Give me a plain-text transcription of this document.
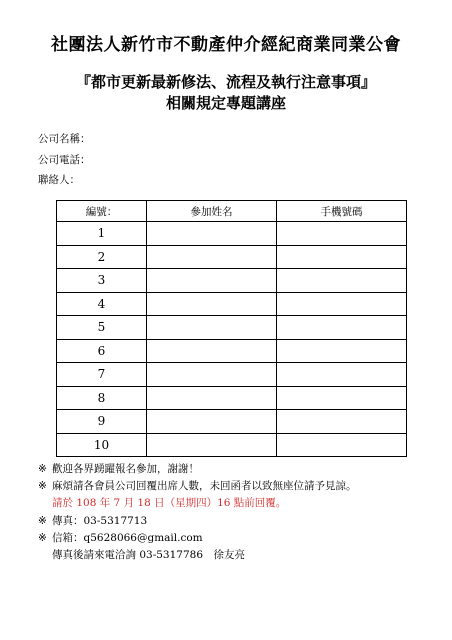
社團法人新竹市不動產仲介經紀商業同業公會
『都市更新最新修法、流程及執行注意事項』
相關規定專題講座
公司名稱：
公司電話：
聯絡人：
編號：	參加姓名	手機號碼
1		
2		
3		
4		
5		
6		
7		
8		
9		
10		
※ 歡迎各界踴躍報名參加，謝謝！
※ 麻煩請各會員公司回覆出席人數，未回函者以致無座位請予見諒。
請於 108 年 7 月 18 日（星期四）16 點前回覆。
※ 傳真：03-5317713
※ 信箱：q5628066@gmail.com
傳真後請來電洽詢 03-5317786　徐友亮
